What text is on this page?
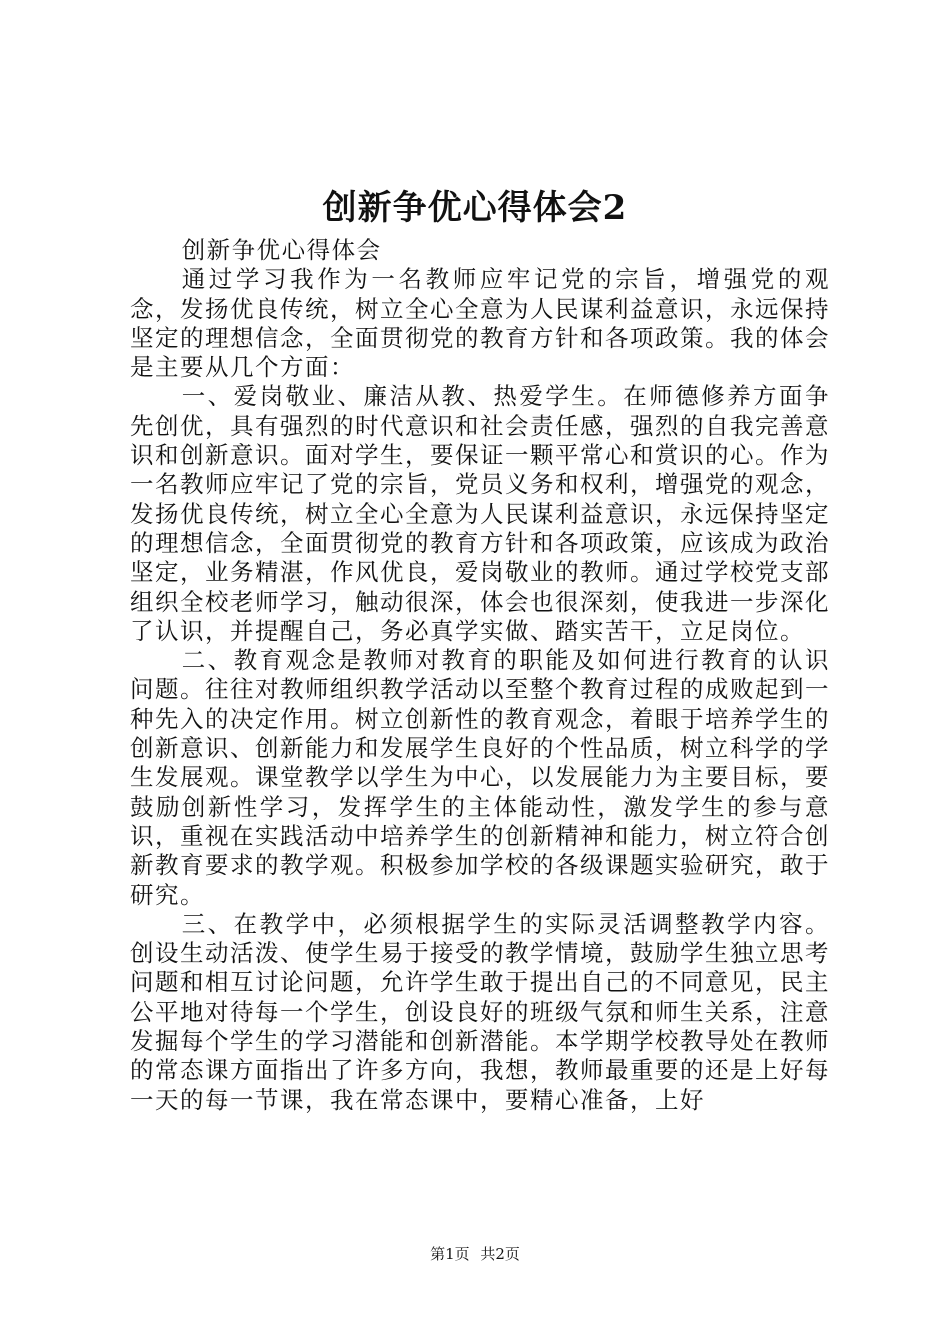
创新争优心得体会2

创新争优心得体会

通过学习我作为一名教师应牢记党的宗旨，增强党的观念，发扬优良传统，树立全心全意为人民谋利益意识，永远保持坚定的理想信念，全面贯彻党的教育方针和各项政策。我的体会是主要从几个方面：

一、爱岗敬业、廉洁从教、热爱学生。在师德修养方面争先创优，具有强烈的时代意识和社会责任感，强烈的自我完善意识和创新意识。面对学生，要保证一颗平常心和赏识的心。作为一名教师应牢记了党的宗旨，党员义务和权利，增强党的观念，发扬优良传统，树立全心全意为人民谋利益意识，永远保持坚定的理想信念，全面贯彻党的教育方针和各项政策，应该成为政治坚定，业务精湛，作风优良，爱岗敬业的教师。通过学校党支部组织全校老师学习，触动很深，体会也很深刻，使我进一步深化了认识，并提醒自己，务必真学实做、踏实苦干，立足岗位。

二、教育观念是教师对教育的职能及如何进行教育的认识问题。往往对教师组织教学活动以至整个教育过程的成败起到一种先入的决定作用。树立创新性的教育观念，着眼于培养学生的创新意识、创新能力和发展学生良好的个性品质，树立科学的学生发展观。课堂教学以学生为中心，以发展能力为主要目标，要鼓励创新性学习，发挥学生的主体能动性，激发学生的参与意识，重视在实践活动中培养学生的创新精神和能力，树立符合创新教育要求的教学观。积极参加学校的各级课题实验研究，敢于研究。

三、在教学中，必须根据学生的实际灵活调整教学内容。创设生动活泼、使学生易于接受的教学情境，鼓励学生独立思考问题和相互讨论问题，允许学生敢于提出自己的不同意见，民主公平地对待每一个学生，创设良好的班级气氛和师生关系，注意发掘每个学生的学习潜能和创新潜能。本学期学校教导处在教师的常态课方面指出了许多方向，我想，教师最重要的还是上好每一天的每一节课，我在常态课中，要精心准备，上好

第1页 共2页
